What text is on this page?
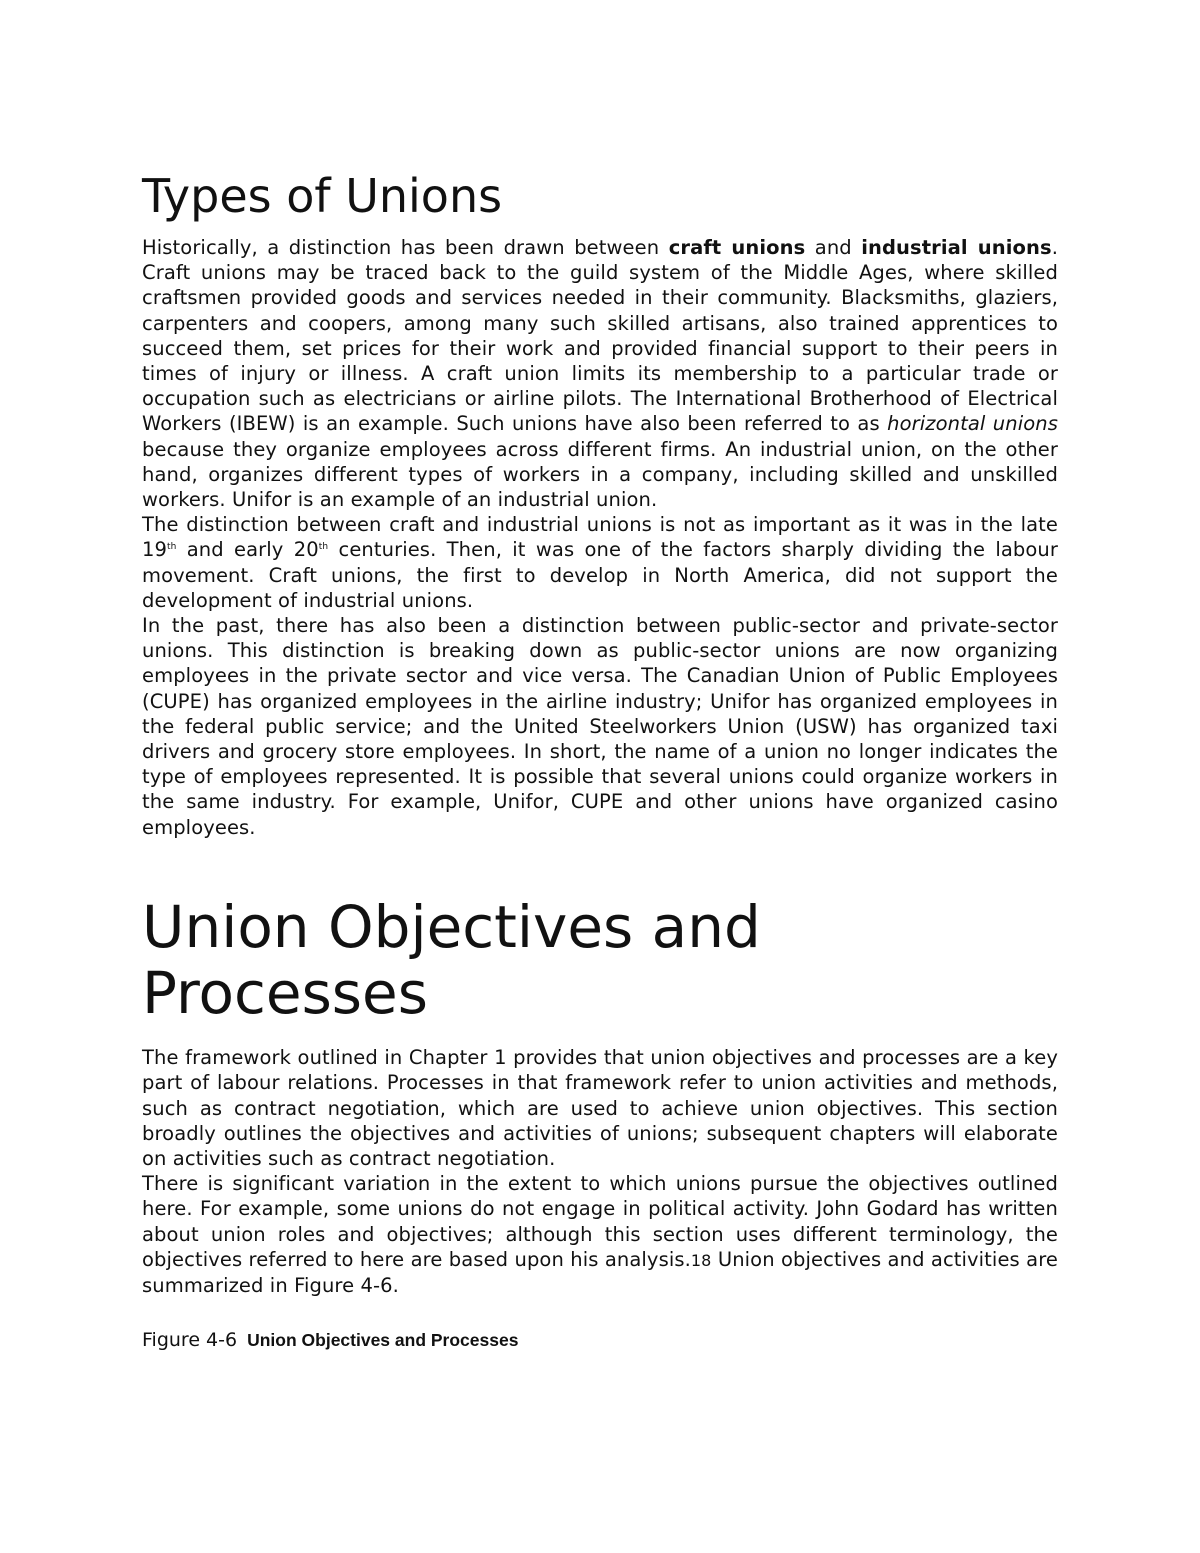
Types of Unions

Historically, a distinction has been drawn between craft unions and industrial unions. Craft unions may be traced back to the guild system of the Middle Ages, where skilled craftsmen provided goods and services needed in their community. Blacksmiths, glaziers, carpenters and coopers, among many such skilled artisans, also trained apprentices to succeed them, set prices for their work and provided financial support to their peers in times of injury or illness. A craft union limits its membership to a particular trade or occupation such as electricians or airline pilots. The International Brotherhood of Electrical Workers (IBEW) is an example. Such unions have also been referred to as horizontal unions because they organize employees across different firms. An industrial union, on the other hand, organizes different types of workers in a company, including skilled and unskilled workers. Unifor is an example of an industrial union.

The distinction between craft and industrial unions is not as important as it was in the late 19th and early 20th centuries. Then, it was one of the factors sharply dividing the labour movement. Craft unions, the first to develop in North America, did not support the development of industrial unions.

In the past, there has also been a distinction between public-sector and private-sector unions. This distinction is breaking down as public-sector unions are now organizing employees in the private sector and vice versa. The Canadian Union of Public Employees (CUPE) has organized employees in the airline industry; Unifor has organized employees in the federal public service; and the United Steelworkers Union (USW) has organized taxi drivers and grocery store employees. In short, the name of a union no longer indicates the type of employees represented. It is possible that several unions could organize workers in the same industry. For example, Unifor, CUPE and other unions have organized casino employees.

Union Objectives and Processes

The framework outlined in Chapter 1 provides that union objectives and processes are a key part of labour relations. Processes in that framework refer to union activities and methods, such as contract negotiation, which are used to achieve union objectives. This section broadly outlines the objectives and activities of unions; subsequent chapters will elaborate on activities such as contract negotiation.

There is significant variation in the extent to which unions pursue the objectives outlined here. For example, some unions do not engage in political activity. John Godard has written about union roles and objectives; although this section uses different terminology, the objectives referred to here are based upon his analysis.18 Union objectives and activities are summarized in Figure 4-6.

Figure 4-6 Union Objectives and Processes
